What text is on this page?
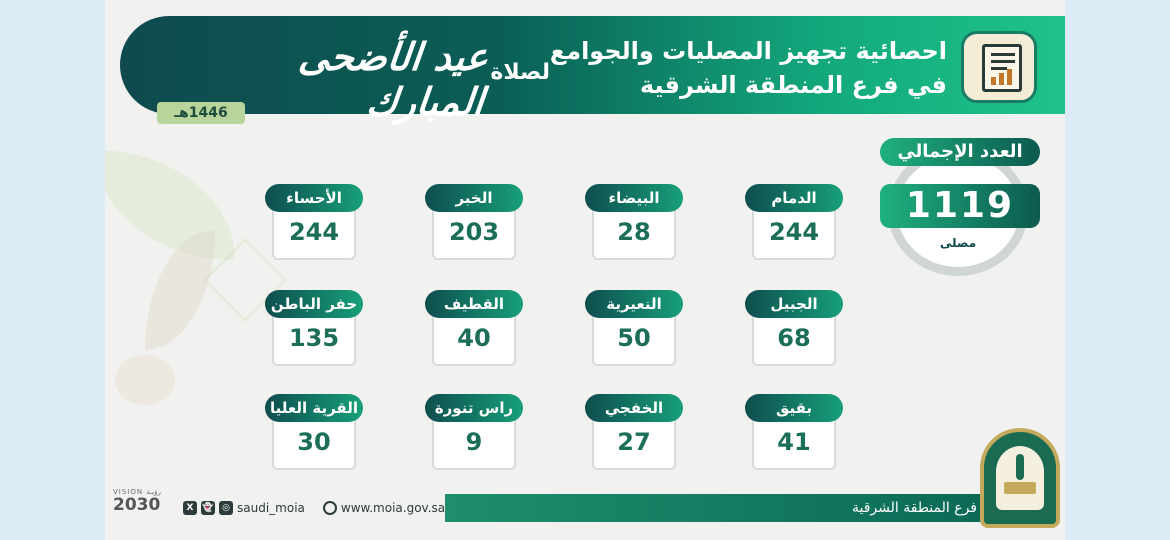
احصائية تجهيز المصليات والجوامع
في فرع المنطقة الشرقية
لصلاة
عيد الأضحى المبارك
1446هـ
العدد الإجمالي
1119
مصلى
الدمام
244
البيضاء
28
الخبر
203
الأحساء
244
الجبيل
68
النعيرية
50
القطيف
40
حفر الباطن
135
بقيق
41
الخفجي
27
راس تنورة
9
القرية العليا
30
فرع المنطقة الشرقية
X 👻 ◎ saudi_moia	www.moia.gov.sa
VISION رؤيـة
2030
